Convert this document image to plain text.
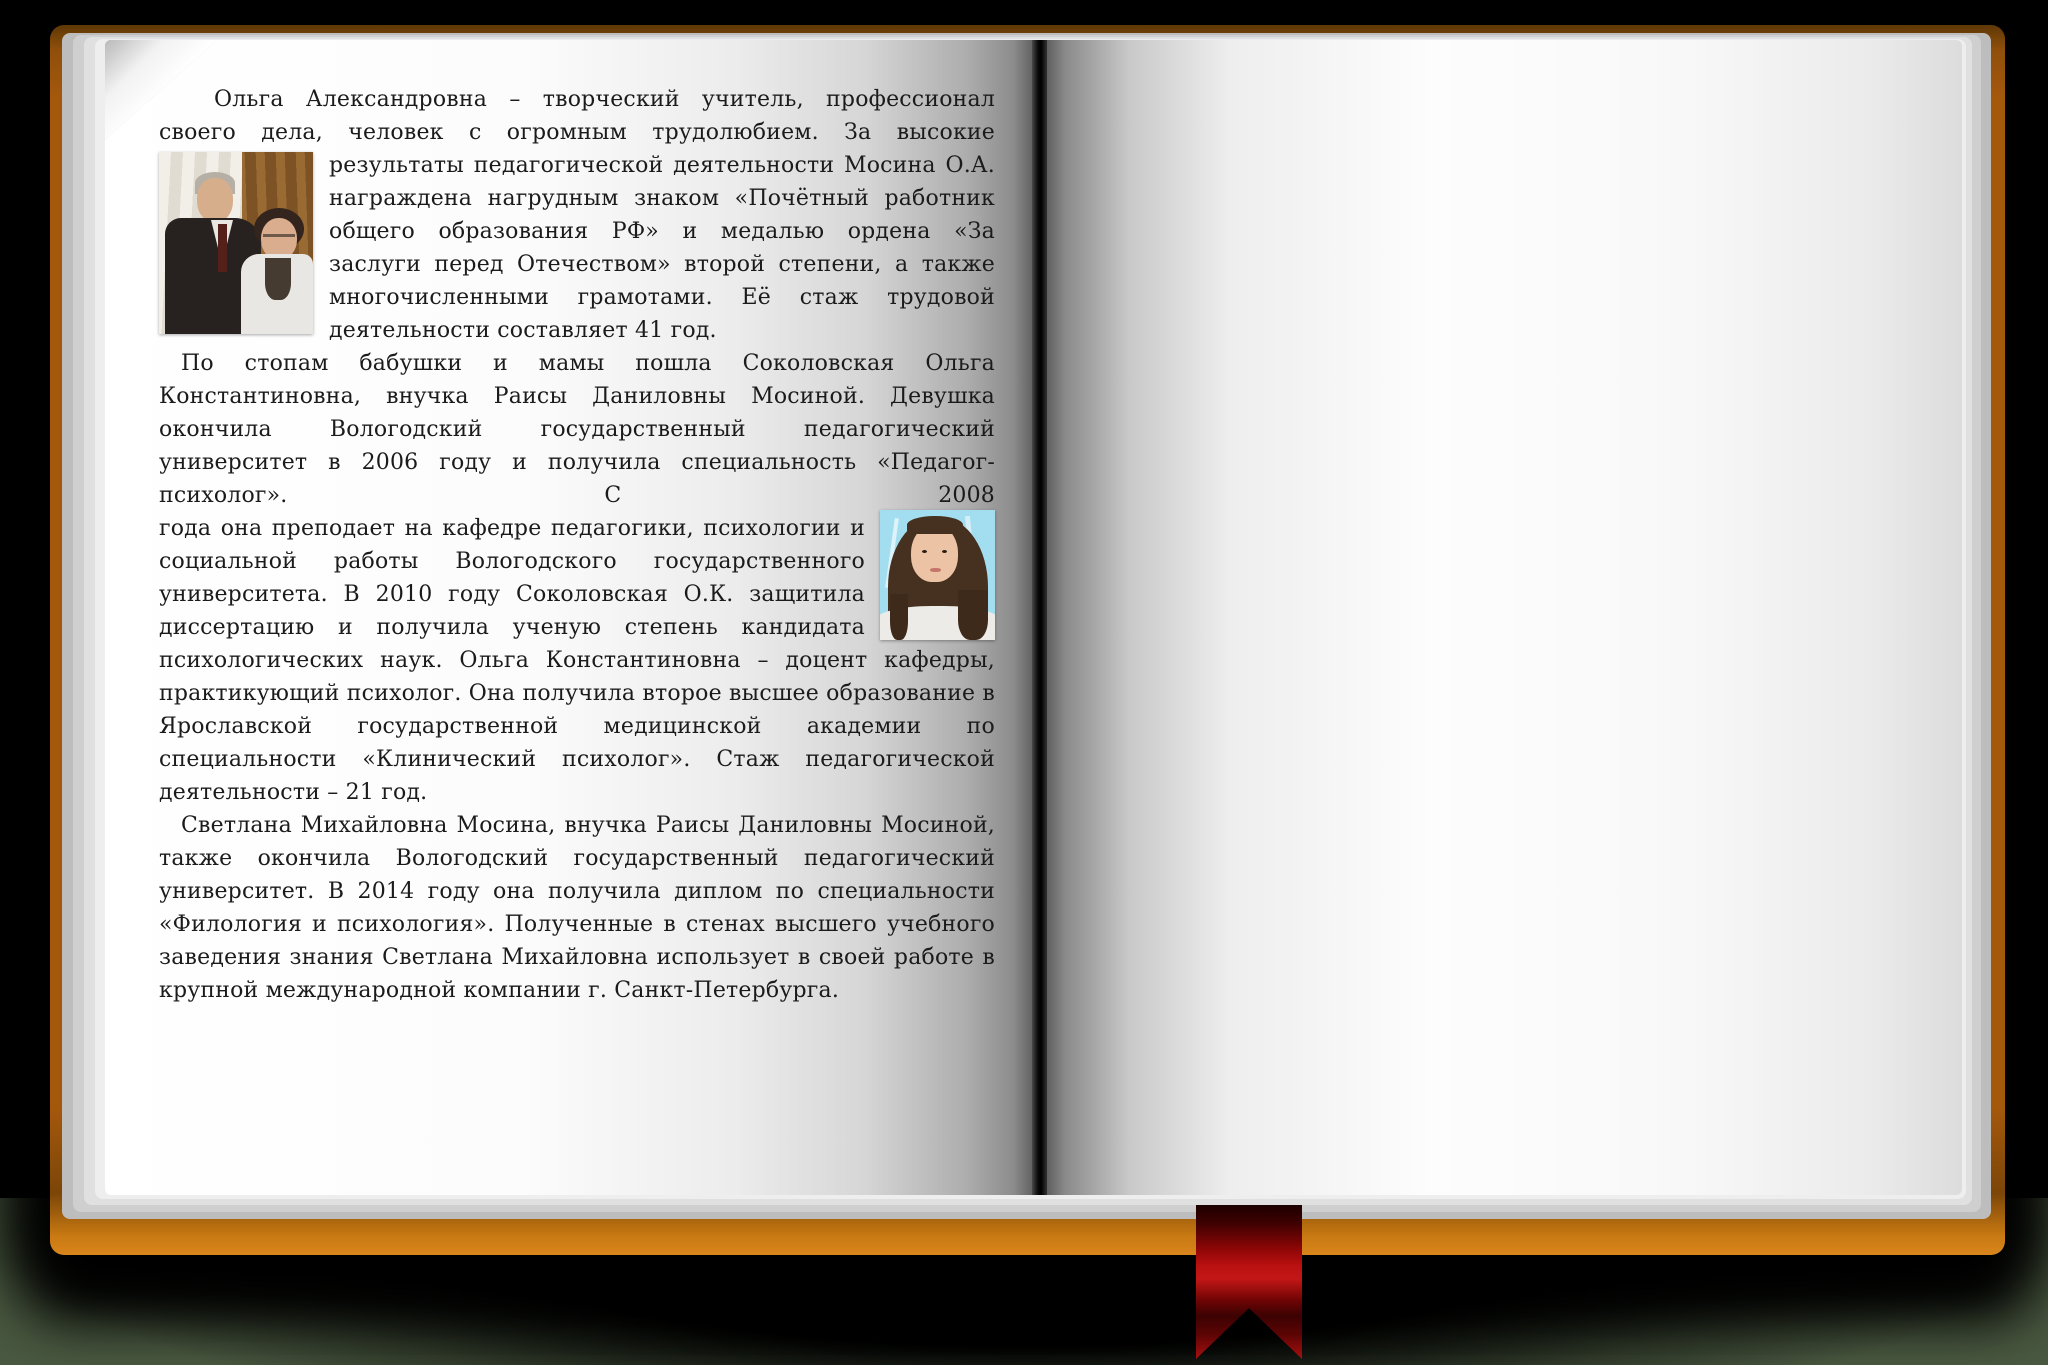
Ольга Александровна – творческий учитель, профессионал своего дела, человек с огромным трудолюбием. За высокие

результаты педагогической деятельности Мосина О.А. награждена нагрудным знаком «Почётный работник общего образования РФ» и медалью ордена «За заслуги перед Отечеством» второй степени, а также многочисленными грамотами. Её стаж трудовой деятельности составляет 41 год.

По стопам бабушки и мамы пошла Соколовская Ольга Константиновна, внучка Раисы Даниловны Мосиной. Девушка окончила Вологодский государственный педагогический университет в 2006 году и получила специальность «Педагог-психолог». С 2008

года она преподает на кафедре педагогики, психологии и социальной работы Вологодского государственного университета. В 2010 году Соколовская О.К. защитила диссертацию и получила ученую степень кандидата

психологических наук. Ольга Константиновна – доцент кафедры, практикующий психолог. Она получила второе высшее образование в Ярославской государственной медицинской академии по специальности «Клинический психолог». Стаж педагогической деятельности – 21 год.

Светлана Михайловна Мосина, внучка Раисы Даниловны Мосиной, также окончила Вологодский государственный педагогический университет. В 2014 году она получила диплом по специальности «Филология и психология». Полученные в стенах высшего учебного заведения знания Светлана Михайловна использует в своей работе в крупной международной компании г. Санкт-Петербурга.
